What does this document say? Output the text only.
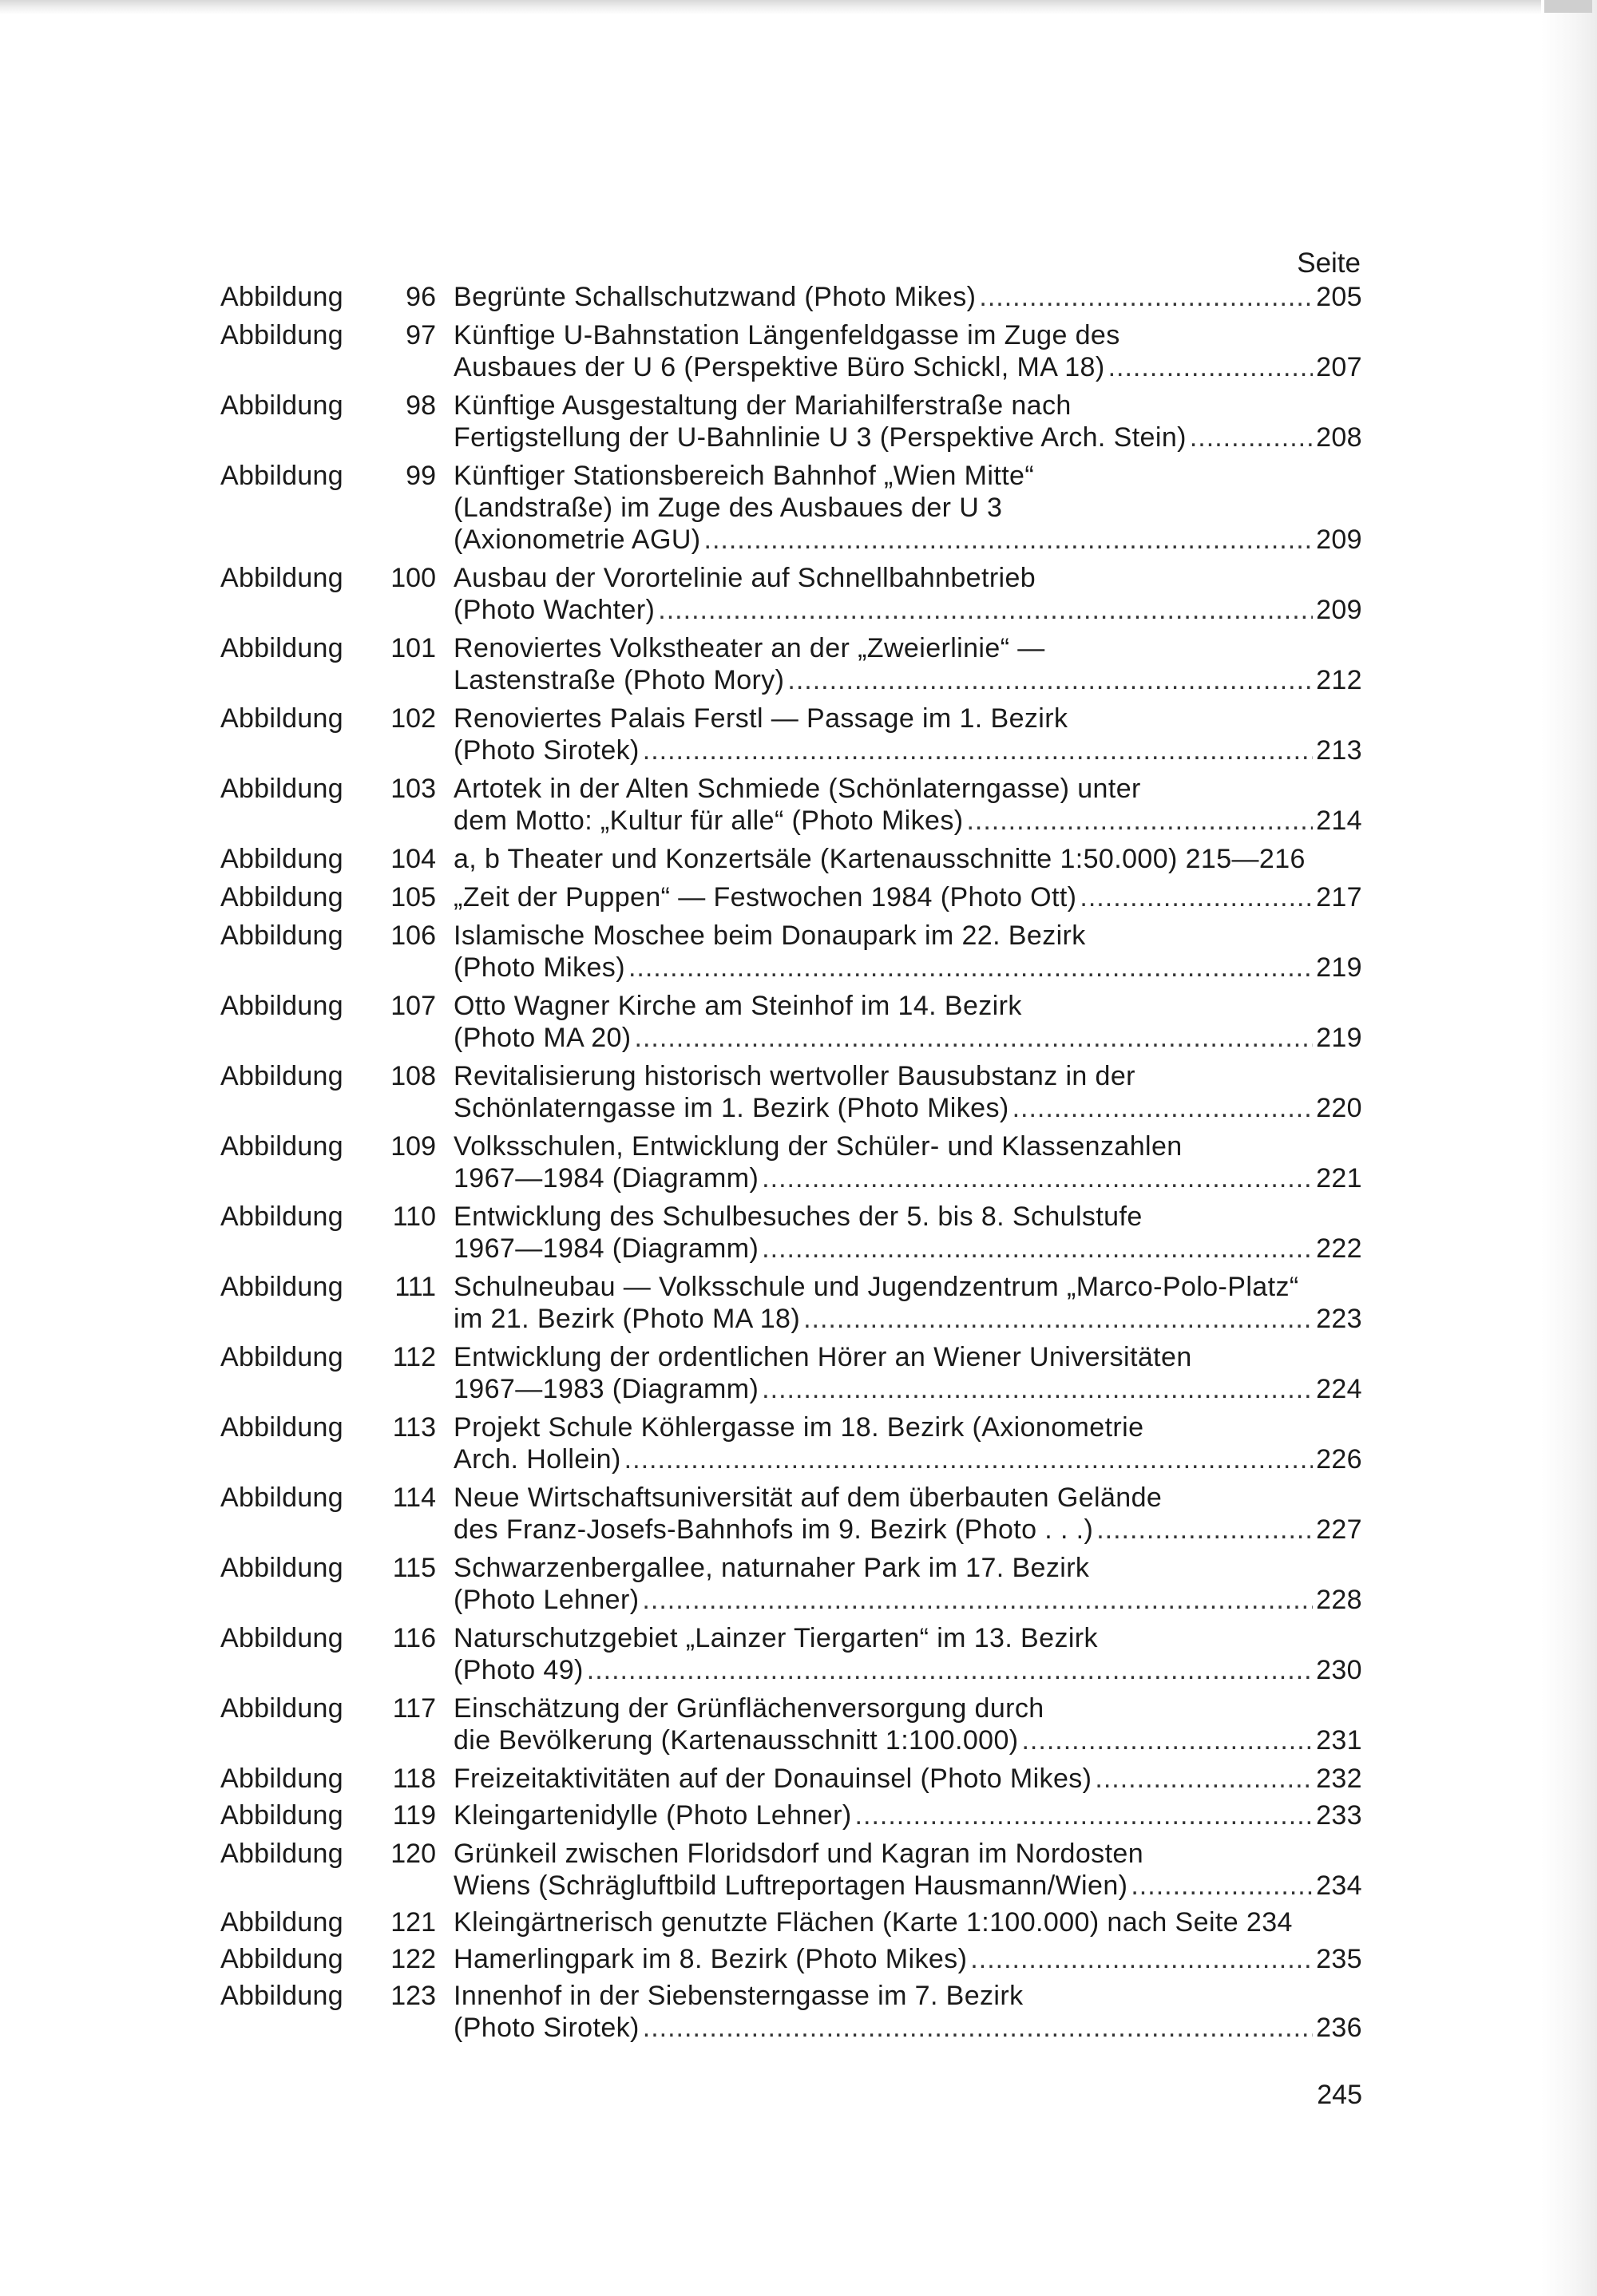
Seite
Abbildung	96 Begrünte Schallschutzwand (Photo Mikes) .....	205
Abbildung	97 Künftige U-Bahnstation Längenfeldgasse im Zuge des
Ausbaues der U 6 (Perspektive Büro Schickl, MA 18) .....	207
Abbildung	98 Künftige Ausgestaltung der Mariahilferstraße nach
Fertigstellung der U-Bahnlinie U 3 (Perspektive Arch. Stein) .....	208
Abbildung	99 Künftiger Stationsbereich Bahnhof „Wien Mitte“
(Landstraße) im Zuge des Ausbaues der U 3
(Axionometrie AGU) .....	209
Abbildung	100 Ausbau der Vorortelinie auf Schnellbahnbetrieb
(Photo Wachter) .....	209
Abbildung	101 Renoviertes Volkstheater an der „Zweierlinie“ —
Lastenstraße (Photo Mory) .....	212
Abbildung	102 Renoviertes Palais Ferstl — Passage im 1. Bezirk
(Photo Sirotek) .....	213
Abbildung	103 Artotek in der Alten Schmiede (Schönlaterngasse) unter
dem Motto: „Kultur für alle“ (Photo Mikes) .....	214
Abbildung	104 a, b Theater und Konzertsäle (Kartenausschnitte 1:50.000) 215—216
Abbildung	105 „Zeit der Puppen“ — Festwochen 1984 (Photo Ott) .....	217
Abbildung	106 Islamische Moschee beim Donaupark im 22. Bezirk
(Photo Mikes) .....	219
Abbildung	107 Otto Wagner Kirche am Steinhof im 14. Bezirk
(Photo MA 20) .....	219
Abbildung	108 Revitalisierung historisch wertvoller Bausubstanz in der
Schönlaterngasse im 1. Bezirk (Photo Mikes) .....	220
Abbildung	109 Volksschulen, Entwicklung der Schüler- und Klassenzahlen
1967—1984 (Diagramm) .....	221
Abbildung	110 Entwicklung des Schulbesuches der 5. bis 8. Schulstufe
1967—1984 (Diagramm) .....	222
Abbildung	111 Schulneubau — Volksschule und Jugendzentrum „Marco-Polo-Platz“
im 21. Bezirk (Photo MA 18) .....	223
Abbildung	112 Entwicklung der ordentlichen Hörer an Wiener Universitäten
1967—1983 (Diagramm) .....	224
Abbildung	113 Projekt Schule Köhlergasse im 18. Bezirk (Axionometrie
Arch. Hollein) .....	226
Abbildung	114 Neue Wirtschaftsuniversität auf dem überbauten Gelände
des Franz-Josefs-Bahnhofs im 9. Bezirk (Photo . . .) .....	227
Abbildung	115 Schwarzenbergallee, naturnaher Park im 17. Bezirk
(Photo Lehner) .....	228
Abbildung	116 Naturschutzgebiet „Lainzer Tiergarten“ im 13. Bezirk
(Photo 49) .....	230
Abbildung	117 Einschätzung der Grünflächenversorgung durch
die Bevölkerung (Kartenausschnitt 1:100.000) .....	231
Abbildung	118 Freizeitaktivitäten auf der Donauinsel (Photo Mikes) .....	232
Abbildung	119 Kleingartenidylle (Photo Lehner) .....	233
Abbildung	120 Grünkeil zwischen Floridsdorf und Kagran im Nordosten
Wiens (Schrägluftbild Luftreportagen Hausmann/Wien) .....	234
Abbildung	121 Kleingärtnerisch genutzte Flächen (Karte 1:100.000) nach Seite 234
Abbildung	122 Hamerlingpark im 8. Bezirk (Photo Mikes) .....	235
Abbildung	123 Innenhof in der Siebensterngasse im 7. Bezirk
(Photo Sirotek) .....	236
245
